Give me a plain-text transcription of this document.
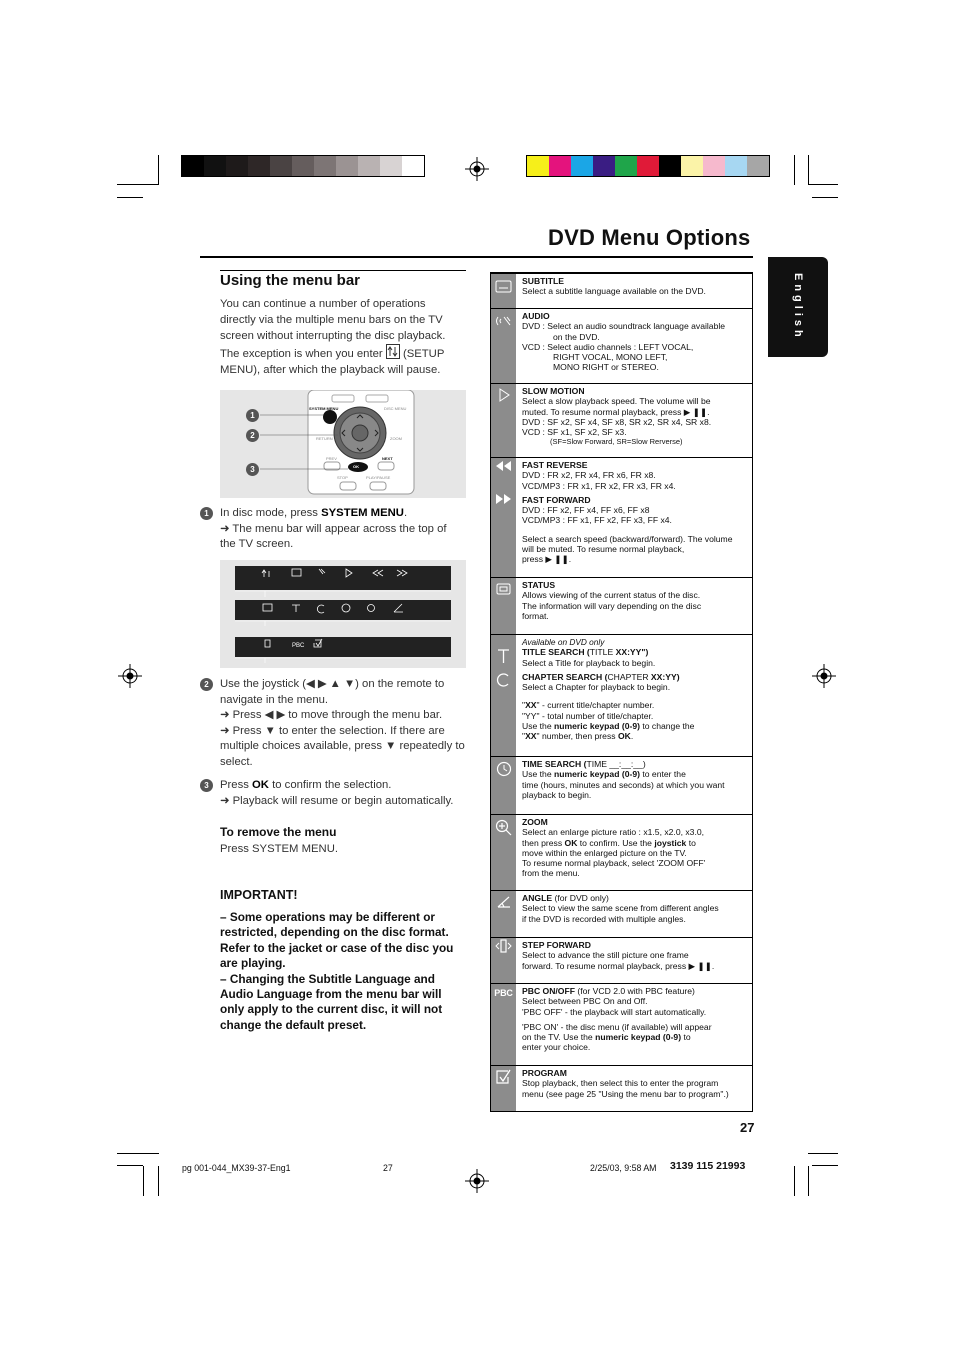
DVD Menu Options
English
Using the menu bar
You can continue a number of operations directly via the multiple menu bars on the TV screen without interrupting the disc playback. The exception is when you enter (SETUP MENU), after which the playback will pause.
SYSTEM MENU	DISC MENU
RETURN	ZOOM
PREV	NEXT
OK
STOP	PLAY/PAUSE
1
2
3
1 In disc mode, press SYSTEM MENU.
➜ The menu bar will appear across the top of the TV screen.
PBC
2 Use the joystick (◀ ▶ ▲ ▼) on the remote to navigate in the menu.
➜ Press ◀ ▶ to move through the menu bar.
➜ Press ▼ to enter the selection. If there are multiple choices available, press ▼ repeatedly to select.
3 Press OK to confirm the selection.
➜ Playback will resume or begin automatically.
To remove the menu
Press SYSTEM MENU.
IMPORTANT!
– Some operations may be different or restricted, depending on the disc format. Refer to the jacket or case of the disc you are playing.
– Changing the Subtitle Language and Audio Language from the menu bar will only apply to the current disc, it will not change the default preset.
SUBTITLE
Select a subtitle language available on the DVD.
AUDIO
DVD : Select an audio soundtrack language available
on the DVD.
VCD : Select audio channels : LEFT VOCAL,
RIGHT VOCAL, MONO LEFT,
MONO RIGHT or STEREO.
SLOW MOTION
Select a slow playback speed. The volume will be
muted. To resume normal playback, press ▶ ❚❚.
DVD : SF x2, SF x4, SF x8, SR x2, SR x4, SR x8.
VCD : SF x1, SF x2, SF x3.
(SF=Slow Forward, SR=Slow Rerverse)
FAST REVERSE
DVD : FR x2, FR x4, FR x6, FR x8.
VCD/MP3 : FR x1, FR x2, FR x3, FR x4.
FAST FORWARD
DVD : FF x2, FF x4, FF x6, FF x8
VCD/MP3 : FF x1, FF x2, FF x3, FF x4.
Select a search speed (backward/forward). The volume
will be muted. To resume normal playback,
press ▶ ❚❚.
STATUS
Allows viewing of the current status of the disc.
The information will vary depending on the disc
format.
Available on DVD only
TITLE SEARCH (TITLE XX:YY")
Select a Title for playback to begin.
CHAPTER SEARCH (CHAPTER XX:YY)
Select a Chapter for playback to begin.
"XX" - current title/chapter number.
"YY" - total number of title/chapter.
Use the numeric keypad (0-9) to change the
"XX" number, then press OK.
TIME SEARCH (TIME __:__:__)
Use the numeric keypad (0-9) to enter the
time (hours, minutes and seconds) at which you want
playback to begin.
ZOOM
Select an enlarge picture ratio : x1.5, x2.0, x3.0,
then press OK to confirm. Use the joystick to
move within the enlarged picture on the TV.
To resume normal playback, select 'ZOOM OFF'
from the menu.
ANGLE (for DVD only)
Select to view the same scene from different angles
if the DVD is recorded with multiple angles.
STEP FORWARD
Select to advance the still picture one frame
forward. To resume normal playback, press ▶ ❚❚.
PBC PBC ON/OFF (for VCD 2.0 with PBC feature)
Select between PBC On and Off.
'PBC OFF' - the playback will start automatically.
'PBC ON' - the disc menu (if available) will appear
on the TV. Use the numeric keypad (0-9) to
enter your choice.
PROGRAM
Stop playback, then select this to enter the program
menu (see page 25 "Using the menu bar to program".)
27
pg 001-044_MX39-37-Eng1	27	2/25/03, 9:58 AM 3139 115 21993
